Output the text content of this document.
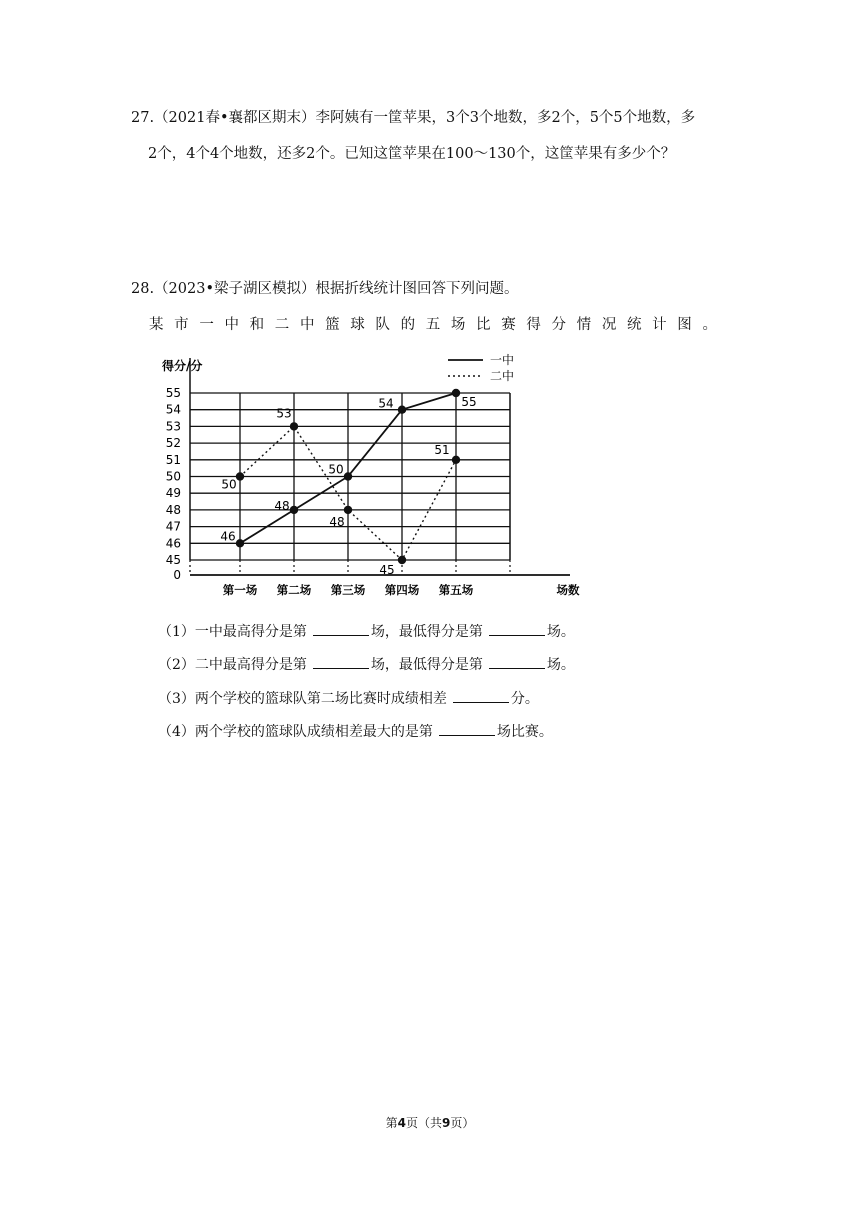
27.（2021春•襄都区期末）李阿姨有一筐苹果，3个3个地数，多2个，5个5个地数，多
2个，4个4个地数，还多2个。已知这筐苹果在100～130个，这筐苹果有多少个？
28.（2023•梁子湖区模拟）根据折线统计图回答下列问题。
某 市 一 中 和 二 中 篮 球 队 的 五 场 比 赛 得 分 情 况 统 计 图 。
得分/分
0
45
46
47
48
49
50
51
52
53
54
55
第一场 第二场 第三场 第四场 第五场	场数
46
48
50
54	55
50
53
48
45
51
一中
二中
（1）一中最高得分是第	场，最低得分是第	场。
（2）二中最高得分是第	场，最低得分是第	场。
（3）两个学校的篮球队第二场比赛时成绩相差	分。
（4）两个学校的篮球队成绩相差最大的是第	场比赛。
第4页（共9页）
